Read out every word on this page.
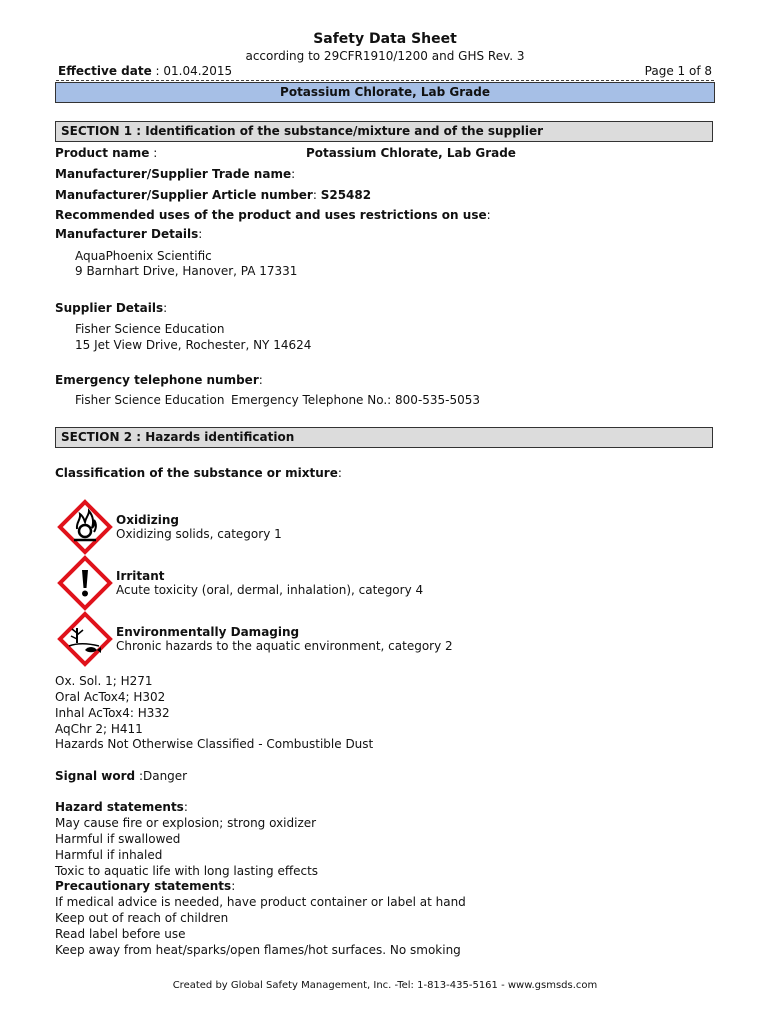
Safety Data Sheet
according to 29CFR1910/1200 and GHS Rev. 3
Effective date : 01.04.2015	Page 1 of 8
Potassium Chlorate, Lab Grade
SECTION 1 : Identification of the substance/mixture and of the supplier
Product name :	Potassium Chlorate, Lab Grade
Manufacturer/Supplier Trade name:
Manufacturer/Supplier Article number: S25482
Recommended uses of the product and uses restrictions on use:
Manufacturer Details:
AquaPhoenix Scientific
9 Barnhart Drive, Hanover, PA 17331
Supplier Details:
Fisher Science Education
15 Jet View Drive, Rochester, NY 14624
Emergency telephone number:
Fisher Science Education Emergency Telephone No.: 800-535-5053
SECTION 2 : Hazards identification
Classification of the substance or mixture:
Oxidizing
Oxidizing solids, category 1
Irritant
Acute toxicity (oral, dermal, inhalation), category 4
Environmentally Damaging
Chronic hazards to the aquatic environment, category 2
Ox. Sol. 1; H271
Oral AcTox4; H302
Inhal AcTox4: H332
AqChr 2; H411
Hazards Not Otherwise Classified - Combustible Dust
Signal word :Danger
Hazard statements:
May cause fire or explosion; strong oxidizer
Harmful if swallowed
Harmful if inhaled
Toxic to aquatic life with long lasting effects
Precautionary statements:
If medical advice is needed, have product container or label at hand
Keep out of reach of children
Read label before use
Keep away from heat/sparks/open flames/hot surfaces. No smoking
Created by Global Safety Management, Inc. -Tel: 1-813-435-5161 - www.gsmsds.com
